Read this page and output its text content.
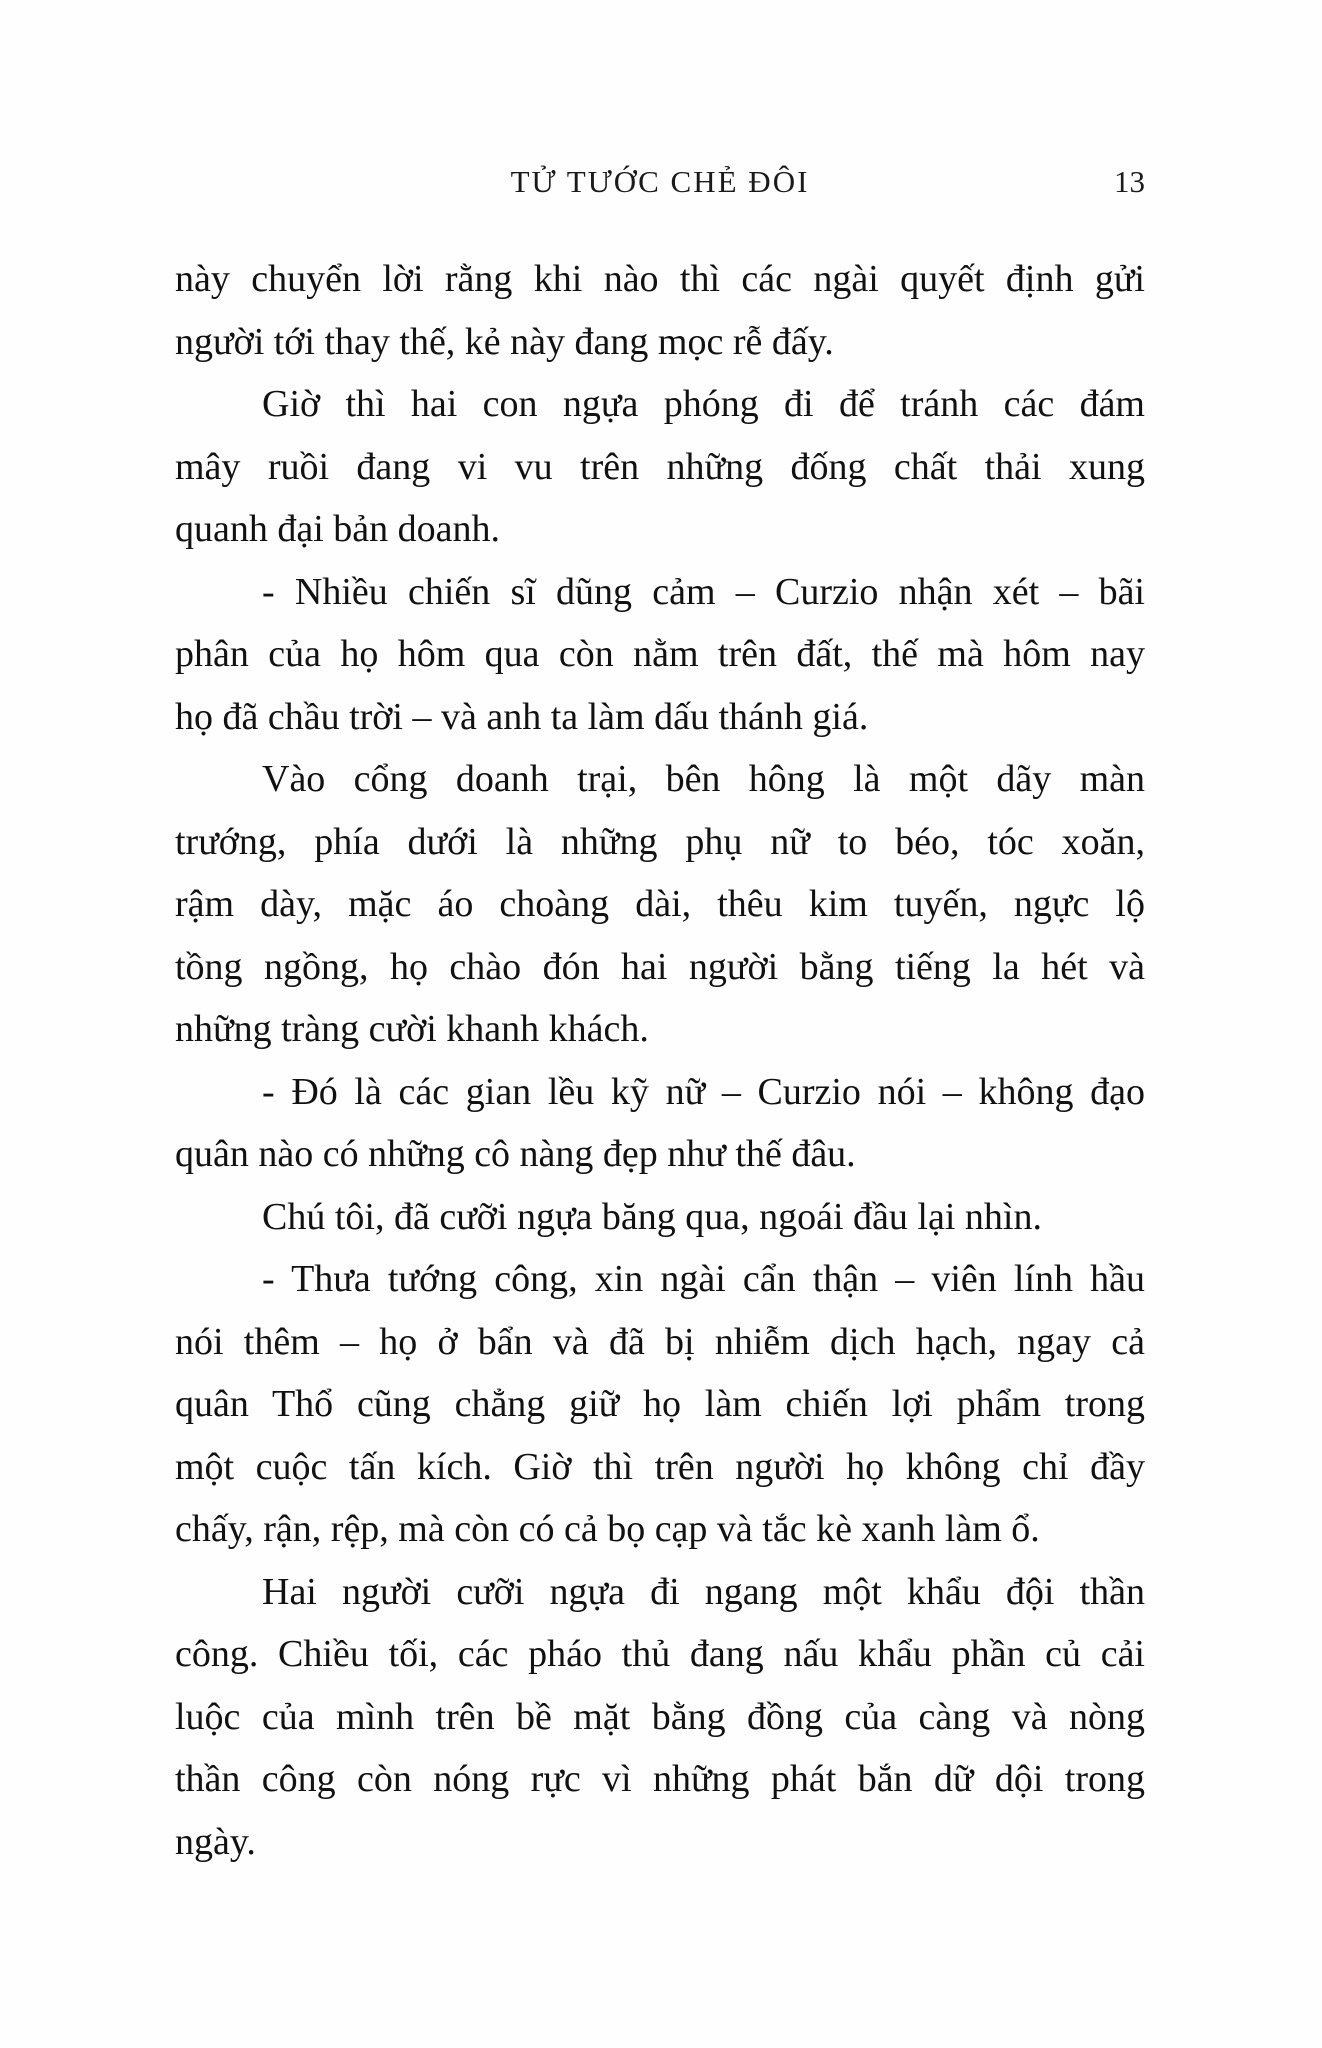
TỬ TƯỚC CHẺ ĐÔI	13
này chuyển lời rằng khi nào thì các ngài quyết định gửi
người tới thay thế, kẻ này đang mọc rễ đấy.
Giờ thì hai con ngựa phóng đi để tránh các đám
mây ruồi đang vi vu trên những đống chất thải xung
quanh đại bản doanh.
- Nhiều chiến sĩ dũng cảm – Curzio nhận xét – bãi
phân của họ hôm qua còn nằm trên đất, thế mà hôm nay
họ đã chầu trời – và anh ta làm dấu thánh giá.
Vào cổng doanh trại, bên hông là một dãy màn
trướng, phía dưới là những phụ nữ to béo, tóc xoăn,
rậm dày, mặc áo choàng dài, thêu kim tuyến, ngực lộ
tồng ngồng, họ chào đón hai người bằng tiếng la hét và
những tràng cười khanh khách.
- Đó là các gian lều kỹ nữ – Curzio nói – không đạo
quân nào có những cô nàng đẹp như thế đâu.
Chú tôi, đã cưỡi ngựa băng qua, ngoái đầu lại nhìn.
- Thưa tướng công, xin ngài cẩn thận – viên lính hầu
nói thêm – họ ở bẩn và đã bị nhiễm dịch hạch, ngay cả
quân Thổ cũng chẳng giữ họ làm chiến lợi phẩm trong
một cuộc tấn kích. Giờ thì trên người họ không chỉ đầy
chấy, rận, rệp, mà còn có cả bọ cạp và tắc kè xanh làm ổ.
Hai người cưỡi ngựa đi ngang một khẩu đội thần
công. Chiều tối, các pháo thủ đang nấu khẩu phần củ cải
luộc của mình trên bề mặt bằng đồng của càng và nòng
thần công còn nóng rực vì những phát bắn dữ dội trong
ngày.
